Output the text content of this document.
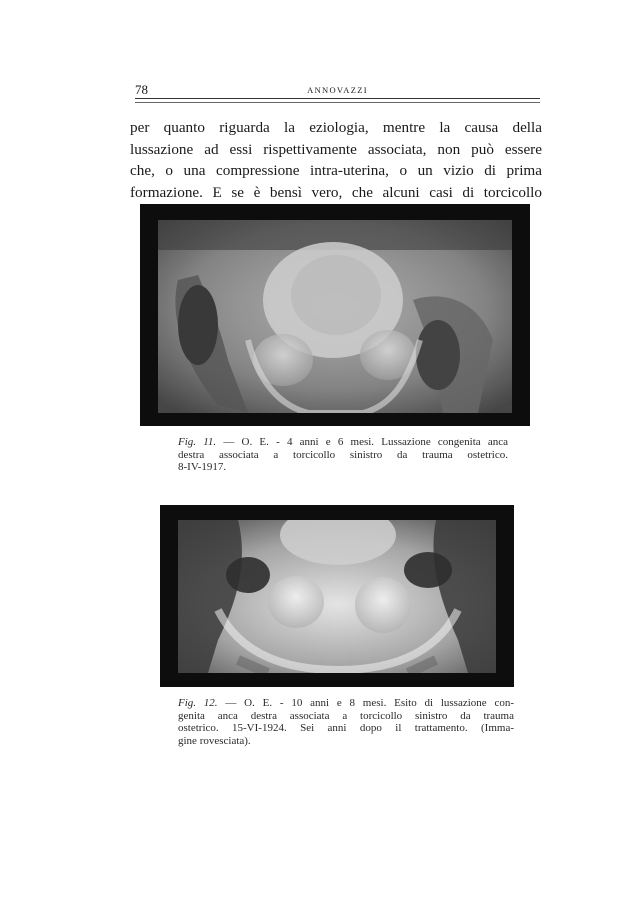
78	ANNOVAZZI
per quanto riguarda la eziologia, mentre la causa della
lussazione ad essi rispettivamente associata, non può essere
che, o una compressione intra-uterina, o un vizio di prima
formazione. E se è bensì vero, che alcuni casi di torcicollo
Fig. 11. — O. E. - 4 anni e 6 mesi. Lussazione congenita anca
destra associata a torcicollo sinistro da trauma ostetrico.
8-IV-1917.
Fig. 12. — O. E. - 10 anni e 8 mesi. Esito di lussazione con-
genita anca destra associata a torcicollo sinistro da trauma
ostetrico. 15-VI-1924. Sei anni dopo il trattamento. (Imma-
gine rovesciata).
